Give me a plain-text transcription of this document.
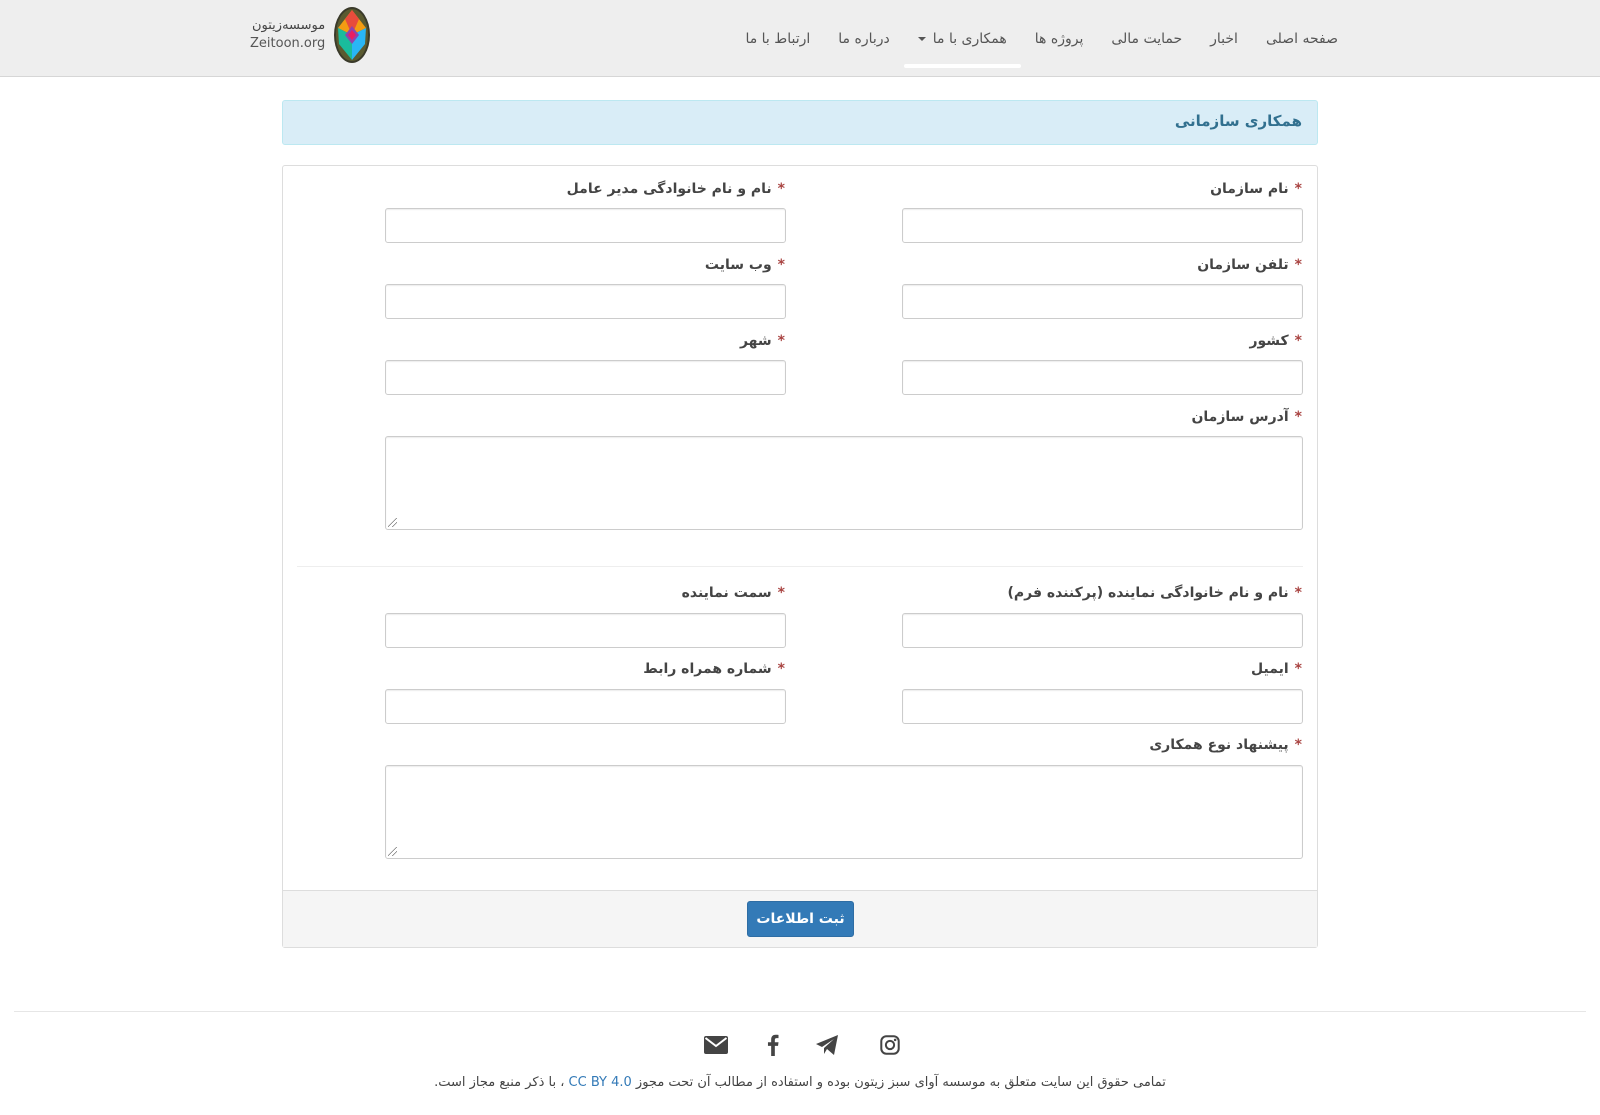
صفحه اصلی
اخبار
حمایت مالی
پروژه ها
همکاری با ما
درباره ما
ارتباط با ما
موسسه‌زیتون
Zeitoon.org
همکاری سازمانی
*نام سازمان
*نام و نام خانوادگی مدیر عامل
*تلفن سازمان
*وب سایت
*کشور
*شهر
*آدرس سازمان
*نام و نام خانوادگی نماینده (پرکننده فرم)
*سمت نماینده
*ایمیل
*شماره همراه رابط
*پیشنهاد نوع همکاری
ثبت اطلاعات
تمامی حقوق این سایت متعلق به موسسه آوای سبز زیتون بوده و استفاده از مطالب آن تحت مجوز CC BY 4.0 ، با ذکر منبع مجاز است.
